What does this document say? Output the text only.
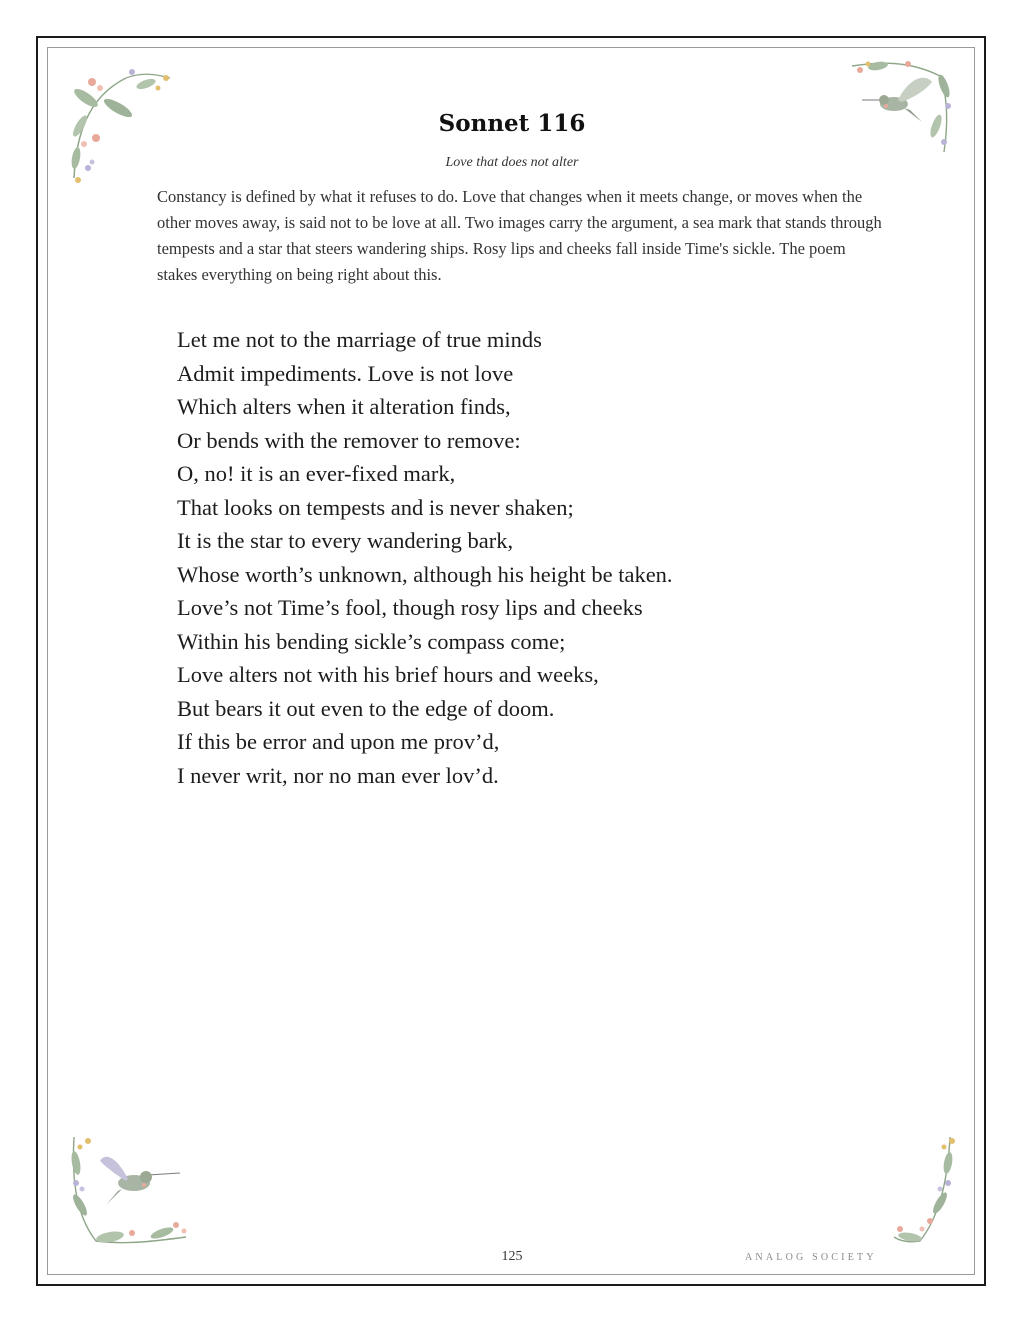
Sonnet 116
Love that does not alter

Constancy is defined by what it refuses to do. Love that changes when it meets change, or moves when the other moves away, is said not to be love at all. Two images carry the argument, a sea mark that stands through tempests and a star that steers wandering ships. Rosy lips and cheeks fall inside Time's sickle. The poem stakes everything on being right about this.

Let me not to the marriage of true minds
Admit impediments. Love is not love
Which alters when it alteration finds,
Or bends with the remover to remove:
O, no! it is an ever-fixed mark,
That looks on tempests and is never shaken;
It is the star to every wandering bark,
Whose worth’s unknown, although his height be taken.
Love’s not Time’s fool, though rosy lips and cheeks
Within his bending sickle’s compass come;
Love alters not with his brief hours and weeks,
But bears it out even to the edge of doom.
If this be error and upon me prov’d,
I never writ, nor no man ever lov’d.
125	ANALOG SOCIETY
